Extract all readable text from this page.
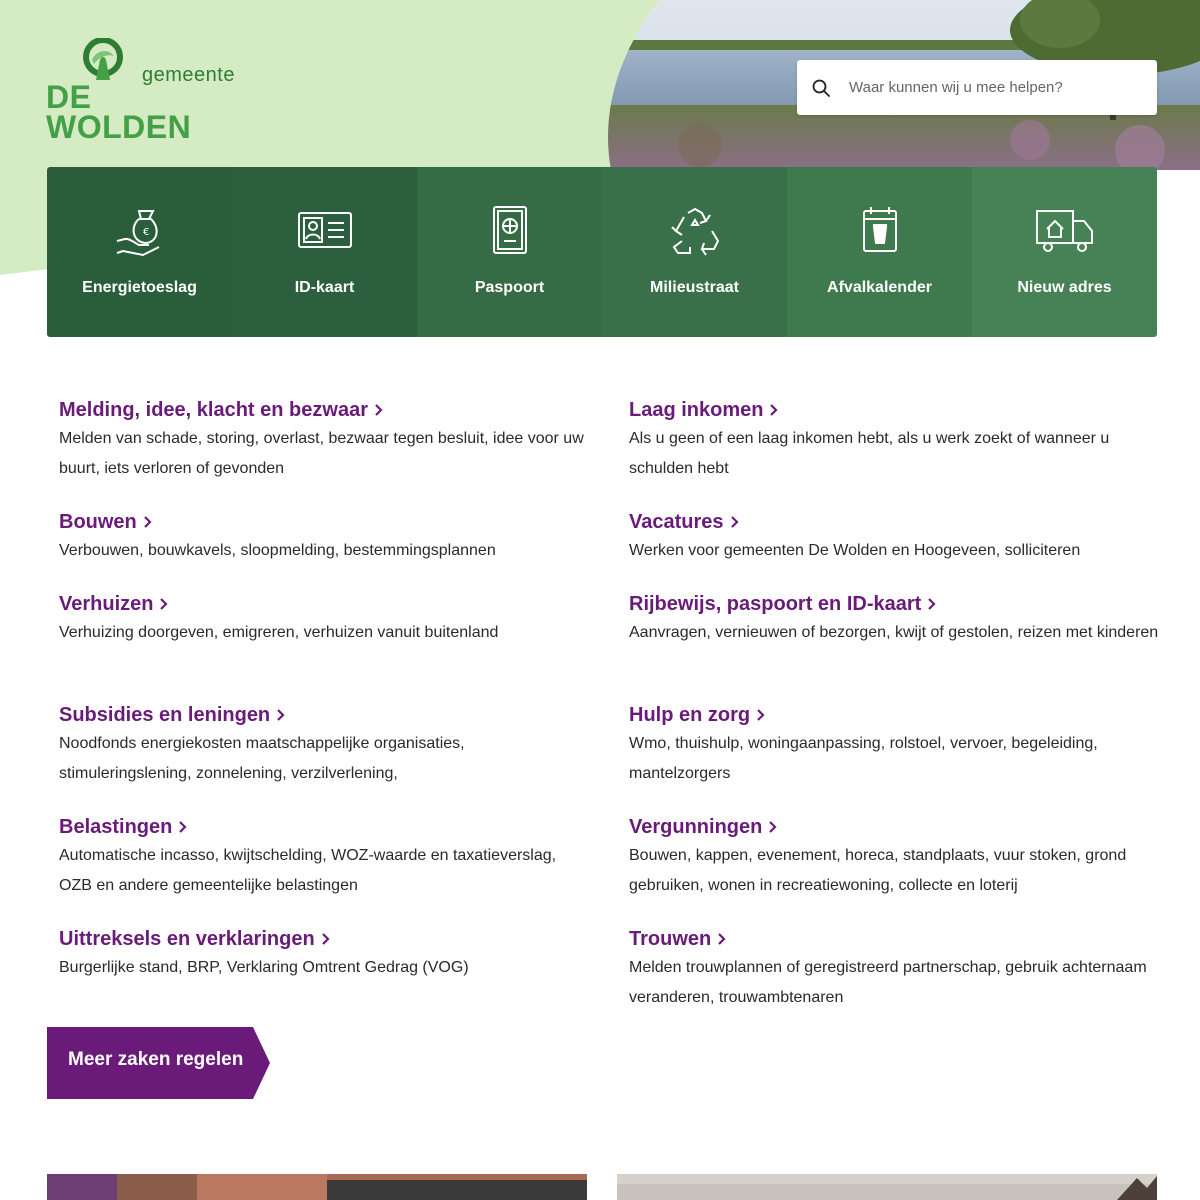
gemeente
DE WOLDEN
Waar kunnen wij u mee helpen?
€
Energietoeslag	ID-kaart	Paspoort	Milieustraat	Afvalkalender	Nieuw adres
Melding, idee, klacht en bezwaar
Melden van schade, storing, overlast, bezwaar tegen besluit, idee voor uw buurt, iets verloren of gevonden
Bouwen
Verbouwen, bouwkavels, sloopmelding, bestemmingsplannen
Verhuizen
Verhuizing doorgeven, emigreren, verhuizen vanuit buitenland
Subsidies en leningen
Noodfonds energiekosten maatschappelijke organisaties, stimuleringslening, zonnelening, verzilverlening,
Belastingen
Automatische incasso, kwijtschelding, WOZ-waarde en taxatieverslag, OZB en andere gemeentelijke belastingen
Uittreksels en verklaringen
Burgerlijke stand, BRP, Verklaring Omtrent Gedrag (VOG)
Laag inkomen
Als u geen of een laag inkomen hebt, als u werk zoekt of wanneer u schulden hebt
Vacatures
Werken voor gemeenten De Wolden en Hoogeveen, solliciteren
Rijbewijs, paspoort en ID-kaart
Aanvragen, vernieuwen of bezorgen, kwijt of gestolen, reizen met kinderen
Hulp en zorg
Wmo, thuishulp, woningaanpassing, rolstoel, vervoer, begeleiding, mantelzorgers
Vergunningen
Bouwen, kappen, evenement, horeca, standplaats, vuur stoken, grond gebruiken, wonen in recreatiewoning, collecte en loterij
Trouwen
Melden trouwplannen of geregistreerd partnerschap, gebruik achternaam veranderen, trouwambtenaren
Meer zaken regelen
